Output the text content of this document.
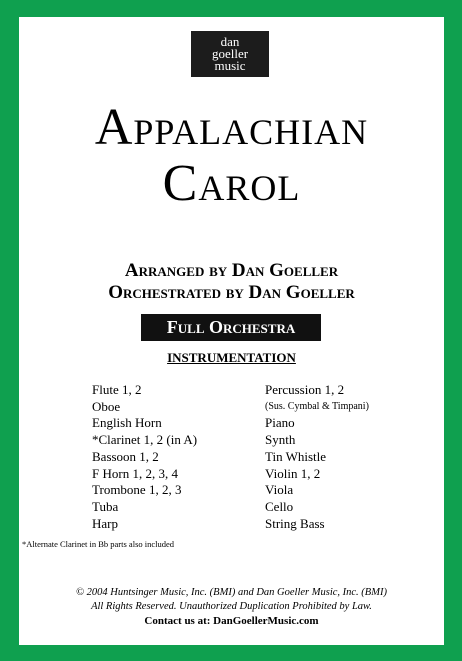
dan
goeller
music
Appalachian
Carol
Arranged by Dan Goeller
Orchestrated by Dan Goeller
Full Orchestra
INSTRUMENTATION
Flute 1, 2
Oboe
English Horn
*Clarinet 1, 2 (in A)
Bassoon 1, 2
F Horn 1, 2, 3, 4
Trombone 1, 2, 3
Tuba
Harp
Percussion 1, 2
(Sus. Cymbal & Timpani)
Piano
Synth
Tin Whistle
Violin 1, 2
Viola
Cello
String Bass
*Alternate Clarinet in Bb parts also included
© 2004 Huntsinger Music, Inc. (BMI) and Dan Goeller Music, Inc. (BMI)
All Rights Reserved. Unauthorized Duplication Prohibited by Law.
Contact us at: DanGoellerMusic.com
